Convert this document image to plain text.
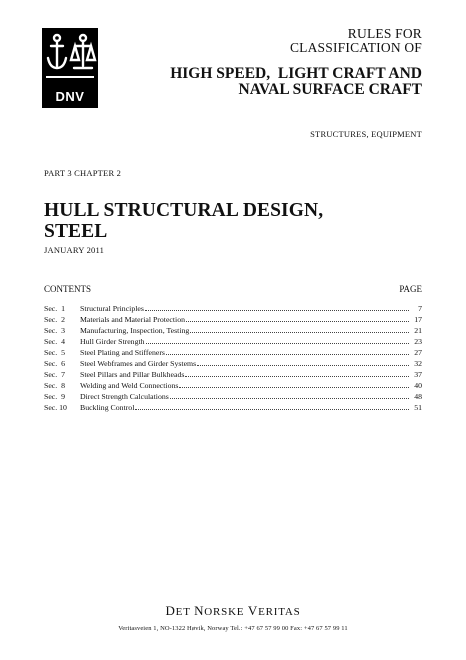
DNV
RULES FOR
CLASSIFICATION OF
HIGH SPEED,  LIGHT CRAFT AND
NAVAL SURFACE CRAFT
STRUCTURES, EQUIPMENT
PART 3 CHAPTER 2
HULL STRUCTURAL DESIGN,
STEEL
JANUARY 2011
CONTENTS	PAGE
Sec.  1	Structural Principles	7
Sec.  2	Materials and Material Protection	17
Sec.  3	Manufacturing, Inspection, Testing	21
Sec.  4	Hull Girder Strength	23
Sec.  5	Steel Plating and Stiffeners	27
Sec.  6	Steel Webframes and Girder Systems	32
Sec.  7	Steel Pillars and Pillar Bulkheads	37
Sec.  8	Welding and Weld Connections	40
Sec.  9	Direct Strength Calculations	48
Sec. 10	Buckling Control	51
DET NORSKE VERITAS
Veritasveien 1, NO-1322 Høvik, Norway Tel.: +47 67 57 99 00 Fax: +47 67 57 99 11
